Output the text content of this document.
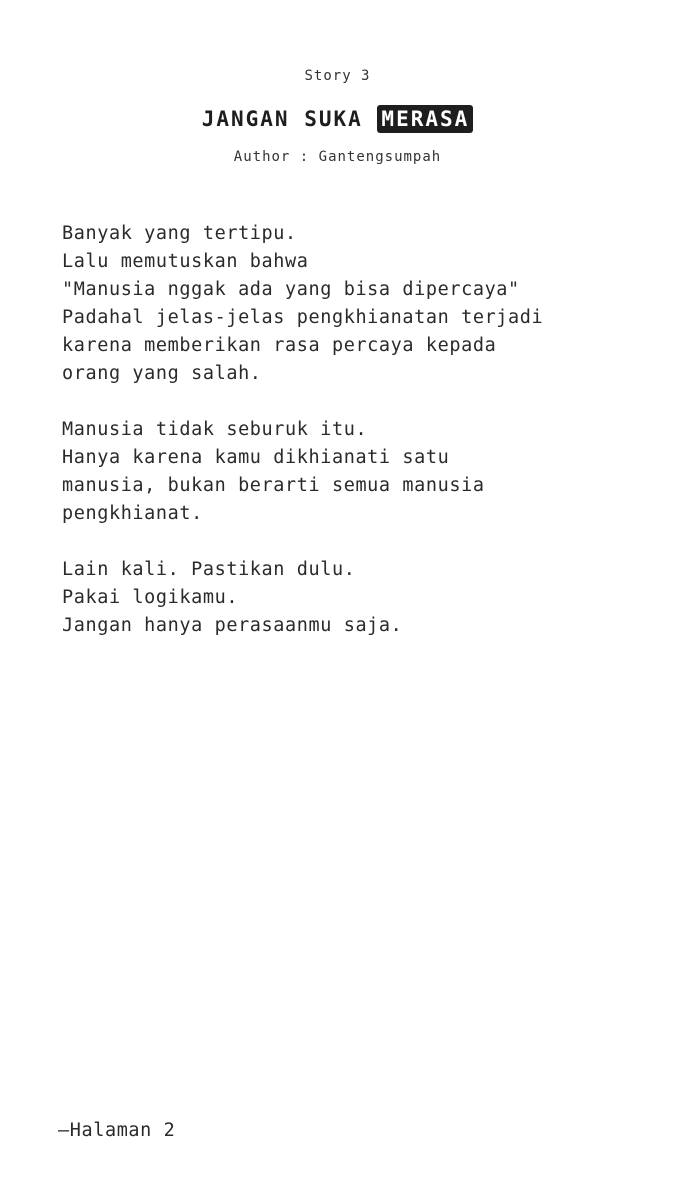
Story 3
JANGAN SUKA MERASA
Author : Gantengsumpah
Banyak yang tertipu.
Lalu memutuskan bahwa
"Manusia nggak ada yang bisa dipercaya"
Padahal jelas-jelas pengkhianatan terjadi
karena memberikan rasa percaya kepada
orang yang salah.
Manusia tidak seburuk itu.
Hanya karena kamu dikhianati satu
manusia, bukan berarti semua manusia
pengkhianat.
Lain kali. Pastikan dulu.
Pakai logikamu.
Jangan hanya perasaanmu saja.
—Halaman 2
